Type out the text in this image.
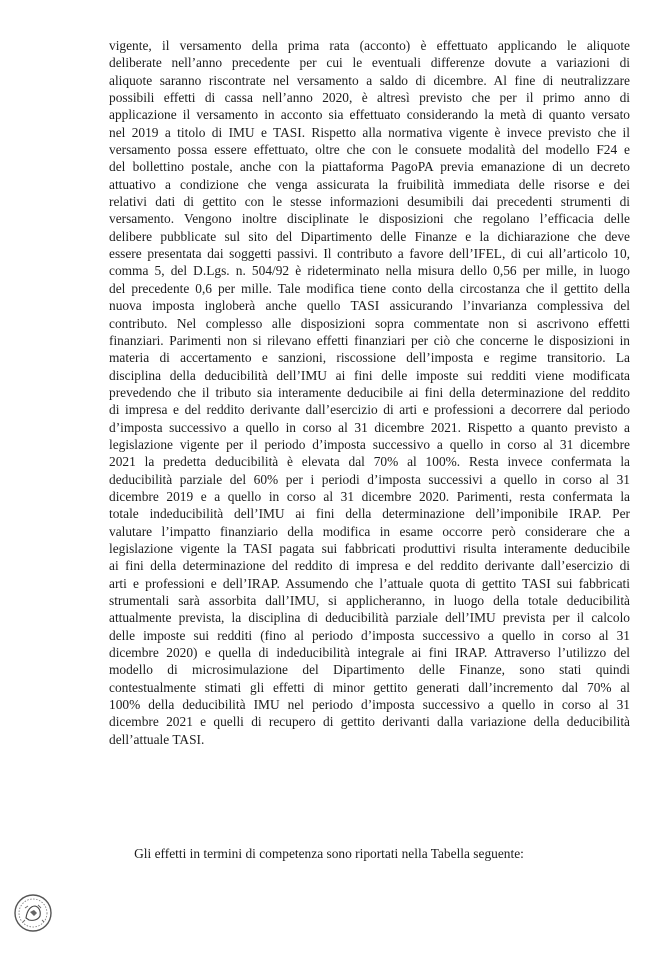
vigente, il versamento della prima rata (acconto) è effettuato applicando le aliquote
deliberate nell’anno precedente per cui le eventuali differenze dovute a variazioni di
aliquote saranno riscontrate nel versamento a saldo di dicembre. Al fine di neutralizzare
possibili effetti di cassa nell’anno 2020, è altresì previsto che per il primo anno di
applicazione il versamento in acconto sia effettuato considerando la metà di quanto versato
nel 2019 a titolo di IMU e TASI. Rispetto alla normativa vigente è invece previsto che il
versamento possa essere effettuato, oltre che con le consuete modalità del modello F24 e
del bollettino postale, anche con la piattaforma PagoPA previa emanazione di un decreto
attuativo a condizione che venga assicurata la fruibilità immediata delle risorse e dei
relativi dati di gettito con le stesse informazioni desumibili dai precedenti strumenti di
versamento. Vengono inoltre disciplinate le disposizioni che regolano l’efficacia delle
delibere pubblicate sul sito del Dipartimento delle Finanze e la dichiarazione che deve
essere presentata dai soggetti passivi. Il contributo a favore dell’IFEL, di cui all’articolo 10,
comma 5, del D.Lgs. n. 504/92 è rideterminato nella misura dello 0,56 per mille, in luogo
del precedente 0,6 per mille. Tale modifica tiene conto della circostanza che il gettito della
nuova imposta ingloberà anche quello TASI assicurando l’invarianza complessiva del
contributo. Nel complesso alle disposizioni sopra commentate non si ascrivono effetti
finanziari. Parimenti non si rilevano effetti finanziari per ciò che concerne le disposizioni in
materia di accertamento e sanzioni, riscossione dell’imposta e regime transitorio. La
disciplina della deducibilità dell’IMU ai fini delle imposte sui redditi viene modificata
prevedendo che il tributo sia interamente deducibile ai fini della determinazione del reddito
di impresa e del reddito derivante dall’esercizio di arti e professioni a decorrere dal periodo
d’imposta successivo a quello in corso al 31 dicembre 2021. Rispetto a quanto previsto a
legislazione vigente per il periodo d’imposta successivo a quello in corso al 31 dicembre
2021 la predetta deducibilità è elevata dal 70% al 100%. Resta invece confermata la
deducibilità parziale del 60% per i periodi d’imposta successivi a quello in corso al 31
dicembre 2019 e a quello in corso al 31 dicembre 2020. Parimenti, resta confermata la
totale indeducibilità dell’IMU ai fini della determinazione dell’imponibile IRAP. Per
valutare l’impatto finanziario della modifica in esame occorre però considerare che a
legislazione vigente la TASI pagata sui fabbricati produttivi risulta interamente deducibile
ai fini della determinazione del reddito di impresa e del reddito derivante dall’esercizio di
arti e professioni e dell’IRAP. Assumendo che l’attuale quota di gettito TASI sui fabbricati
strumentali sarà assorbita dall’IMU, si applicheranno, in luogo della totale deducibilità
attualmente prevista, la disciplina di deducibilità parziale dell’IMU prevista per il calcolo
delle imposte sui redditi (fino al periodo d’imposta successivo a quello in corso al 31
dicembre 2020) e quella di indeducibilità integrale ai fini IRAP. Attraverso l’utilizzo del
modello di microsimulazione del Dipartimento delle Finanze, sono stati quindi
contestualmente stimati gli effetti di minor gettito generati dall’incremento dal 70% al
100% della deducibilità IMU nel periodo d’imposta successivo a quello in corso al 31
dicembre 2021 e quelli di recupero di gettito derivanti dalla variazione della deducibilità
dell’attuale TASI.
Gli effetti in termini di competenza sono riportati nella Tabella seguente:
